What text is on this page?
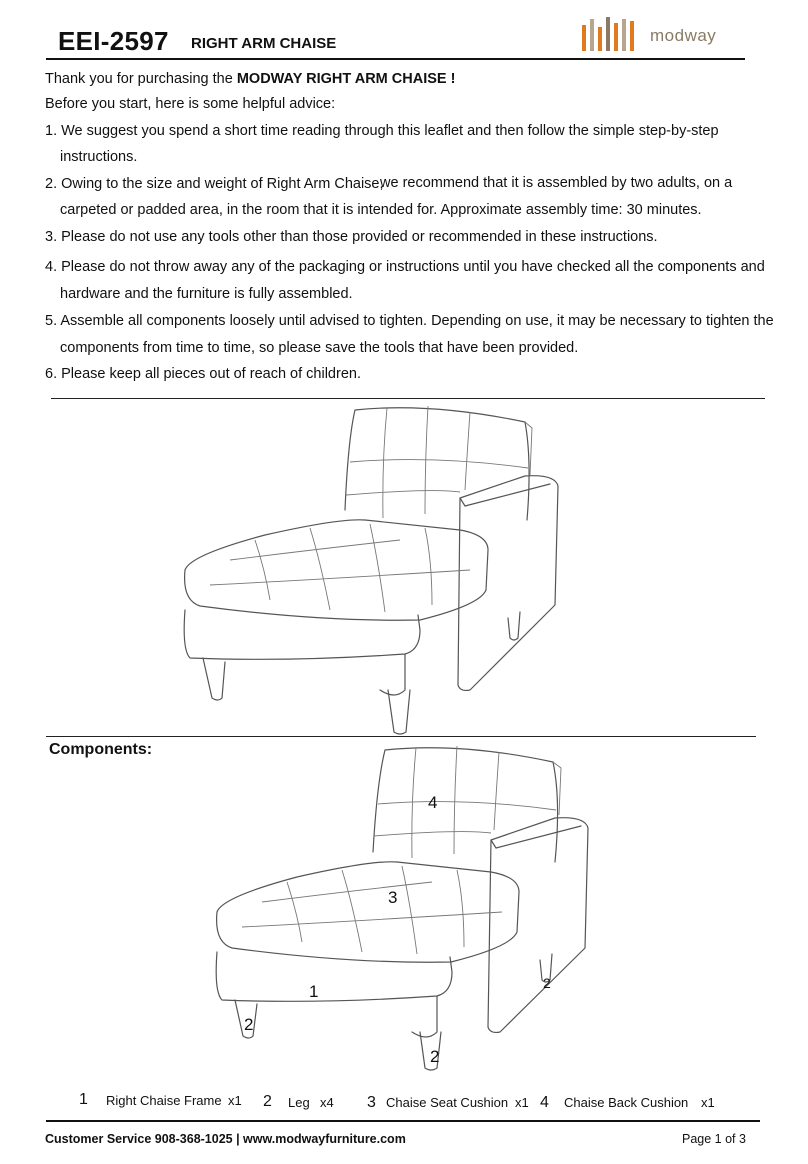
EEI-2597 RIGHT ARM CHAISE	modway
Thank you for purchasing the MODWAY RIGHT ARM CHAISE !
Before you start, here is some helpful advice:
1. We suggest you spend a short time reading through this leaflet and then follow the simple step-by-step
instructions.
2. Owing to the size and weight of Right Arm Chaise,
we recommend that it is assembled by two adults, on a
carpeted or padded area, in the room that it is intended for. Approximate assembly time: 30 minutes.
3. Please do not use any tools other than those provided or recommended in these instructions.
4. Please do not throw away any of the packaging or instructions until you have checked all the components and
hardware and the furniture is fully assembled.
5. Assemble all components loosely until advised to tighten. Depending on use, it may be necessary to tighten the
components from time to time, so please save the tools that have been provided.
6. Please keep all pieces out of reach of children.
Components:
4
3
1
2
2
2
1 Right Chaise Frame x1 2 Leg x4 3 Chaise Seat Cushion x1 4 Chaise Back Cushion x1
Customer Service 908-368-1025 | www.modwayfurniture.com	Page 1 of 3
